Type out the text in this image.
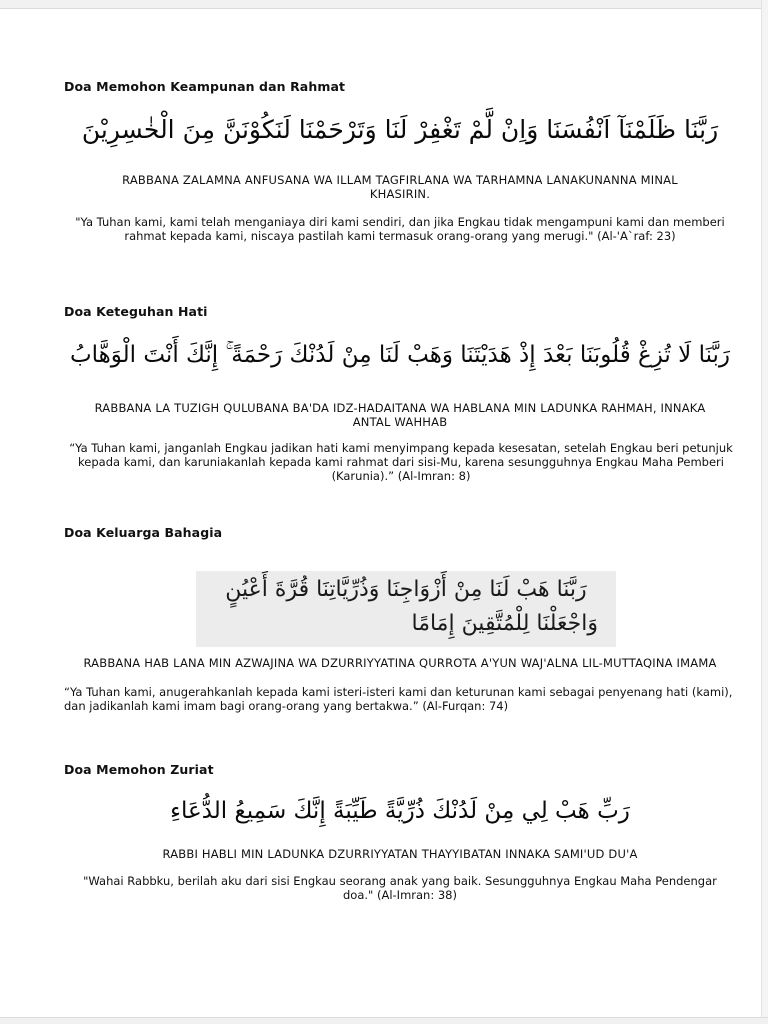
Doa Memohon Keampunan dan Rahmat

رَبَّنَا ظَلَمْنَآ اَنْفُسَنَا وَاِنْ لَّمْ تَغْفِرْ لَنَا وَتَرْحَمْنَا لَنَكُوْنَنَّ مِنَ الْخٰسِرِيْنَ

RABBANA ZALAMNA ANFUSANA WA ILLAM TAGFIRLANA WA TARHAMNA LANAKUNANNA MINAL KHASIRIN.

"Ya Tuhan kami, kami telah menganiaya diri kami sendiri, dan jika Engkau tidak mengampuni kami dan memberi rahmat kepada kami, niscaya pastilah kami termasuk orang-orang yang merugi." (Al-'A`raf: 23)

Doa Keteguhan Hati

رَبَّنَا لَا تُزِغْ قُلُوبَنَا بَعْدَ إِذْ هَدَيْتَنَا وَهَبْ لَنَا مِنْ لَدُنْكَ رَحْمَةً ۚ إِنَّكَ أَنْتَ الْوَهَّابُ

RABBANA LA TUZIGH QULUBANA BA'DA IDZ-HADAITANA WA HABLANA MIN LADUNKA RAHMAH, INNAKA ANTAL WAHHAB

“Ya Tuhan kami, janganlah Engkau jadikan hati kami menyimpang kepada kesesatan, setelah Engkau beri petunjuk kepada kami, dan karuniakanlah kepada kami rahmat dari sisi-Mu, karena sesungguhnya Engkau Maha Pemberi (Karunia).” (Al-Imran: 8)

Doa Keluarga Bahagia

رَبَّنَا هَبْ لَنَا مِنْ أَزْوَاجِنَا وَذُرِّيَّاتِنَا قُرَّةَ أَعْيُنٍ
وَاجْعَلْنَا لِلْمُتَّقِينَ إِمَامًا

RABBANA HAB LANA MIN AZWAJINA WA DZURRIYYATINA QURROTA A'YUN WAJ'ALNA LIL-MUTTAQINA IMAMA

“Ya Tuhan kami, anugerahkanlah kepada kami isteri-isteri kami dan keturunan kami sebagai penyenang hati (kami), dan jadikanlah kami imam bagi orang-orang yang bertakwa.” (Al-Furqan: 74)

Doa Memohon Zuriat

رَبِّ هَبْ لِي مِنْ لَدُنْكَ ذُرِّيَّةً طَيِّبَةً إِنَّكَ سَمِيعُ الدُّعَاءِ

RABBI HABLI MIN LADUNKA DZURRIYYATAN THAYYIBATAN INNAKA SAMI'UD DU'A

"Wahai Rabbku, berilah aku dari sisi Engkau seorang anak yang baik. Sesungguhnya Engkau Maha Pendengar doa." (Al-Imran: 38)
